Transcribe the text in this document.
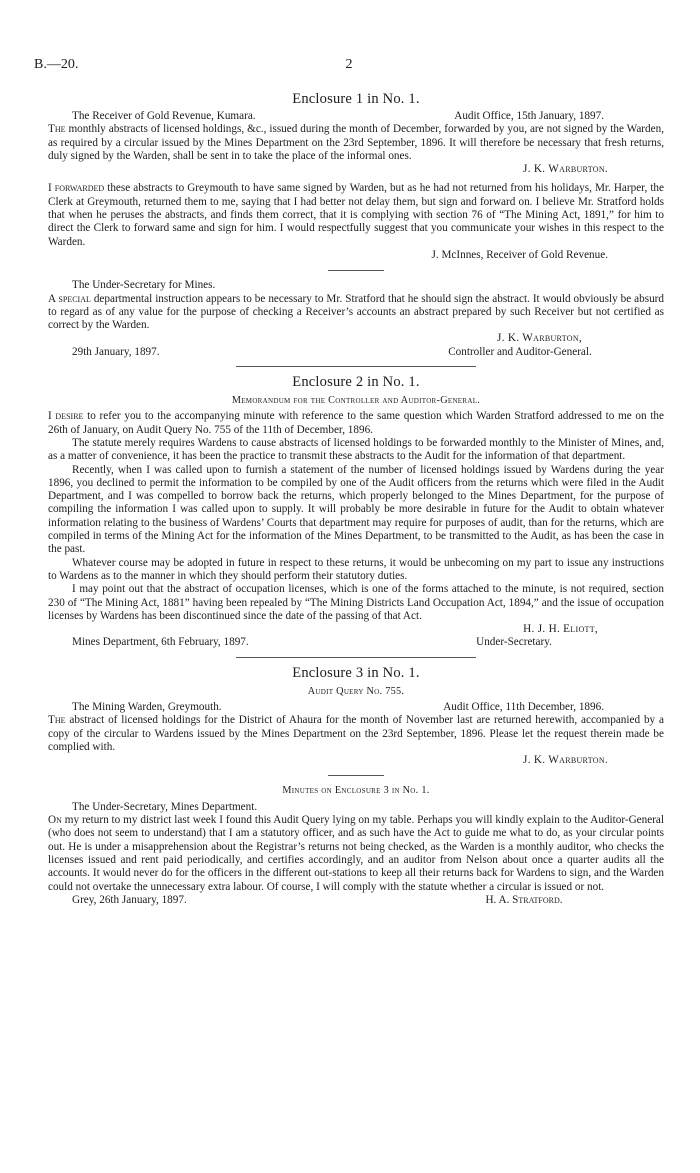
B.—20.	2
Enclosure 1 in No. 1.
The Receiver of Gold Revenue, Kumara.	Audit Office, 15th January, 1897.

The monthly abstracts of licensed holdings, &c., issued during the month of December, forwarded by you, are not signed by the Warden, as required by a circular issued by the Mines Department on the 23rd September, 1896. It will therefore be necessary that fresh returns, duly signed by the Warden, shall be sent in to take the place of the informal ones.

J. K. Warburton.

I forwarded these abstracts to Greymouth to have same signed by Warden, but as he had not returned from his holidays, Mr. Harper, the Clerk at Greymouth, returned them to me, saying that I had better not delay them, but sign and forward on. I believe Mr. Stratford holds that when he peruses the abstracts, and finds them correct, that it is complying with section 76 of “The Mining Act, 1891,” for him to direct the Clerk to forward same and sign for him. I would respectfully suggest that you communicate your wishes in this respect to the Warden.

J. McInnes, Receiver of Gold Revenue.

The Under-Secretary for Mines.

A special departmental instruction appears to be necessary to Mr. Stratford that he should sign the abstract. It would obviously be absurd to regard as of any value for the purpose of checking a Receiver’s accounts an abstract prepared by such Receiver but not certified as correct by the Warden.

J. K. Warburton,
29th January, 1897.	Controller and Auditor-General.
Enclosure 2 in No. 1.
Memorandum for the Controller and Auditor-General.

I desire to refer you to the accompanying minute with reference to the same question which Warden Stratford addressed to me on the 26th of January, on Audit Query No. 755 of the 11th of December, 1896.

The statute merely requires Wardens to cause abstracts of licensed holdings to be forwarded monthly to the Minister of Mines, and, as a matter of convenience, it has been the practice to transmit these abstracts to the Audit for the information of that department.

Recently, when I was called upon to furnish a statement of the number of licensed holdings issued by Wardens during the year 1896, you declined to permit the information to be compiled by one of the Audit officers from the returns which were filed in the Audit Department, and I was compelled to borrow back the returns, which properly belonged to the Mines Department, for the purpose of compiling the information I was called upon to supply. It will probably be more desirable in future for the Audit to obtain whatever information relating to the business of Wardens’ Courts that department may require for purposes of audit, than for the returns, which are compiled in terms of the Mining Act for the information of the Mines Department, to be transmitted to the Audit, as has been the case in the past.

Whatever course may be adopted in future in respect to these returns, it would be unbecoming on my part to issue any instructions to Wardens as to the manner in which they should perform their statutory duties.

I may point out that the abstract of occupation licenses, which is one of the forms attached to the minute, is not required, section 230 of “The Mining Act, 1881” having been repealed by “The Mining Districts Land Occupation Act, 1894,” and the issue of occupation licenses by Wardens has been discontinued since the date of the passing of that Act.

H. J. H. Eliott,
Mines Department, 6th February, 1897.	Under-Secretary.
Enclosure 3 in No. 1.
Audit Query No. 755.
The Mining Warden, Greymouth.	Audit Office, 11th December, 1896.

The abstract of licensed holdings for the District of Ahaura for the month of November last are returned herewith, accompanied by a copy of the circular to Wardens issued by the Mines Department on the 23rd September, 1896. Please let the request therein made be complied with.

J. K. Warburton.
Minutes on Enclosure 3 in No. 1.

The Under-Secretary, Mines Department.

On my return to my district last week I found this Audit Query lying on my table. Perhaps you will kindly explain to the Auditor-General (who does not seem to understand) that I am a statutory officer, and as such have the Act to guide me what to do, as your circular points out. He is under a misapprehension about the Registrar’s returns not being checked, as the Warden is a monthly auditor, who checks the licenses issued and rent paid periodically, and certifies accordingly, and an auditor from Nelson about once a quarter audits all the accounts. It would never do for the officers in the different out-stations to keep all their returns back for Wardens to sign, and the Warden could not overtake the unnecessary extra labour. Of course, I will comply with the statute whether a circular is issued or not.

Grey, 26th January, 1897.	H. A. Stratford.
